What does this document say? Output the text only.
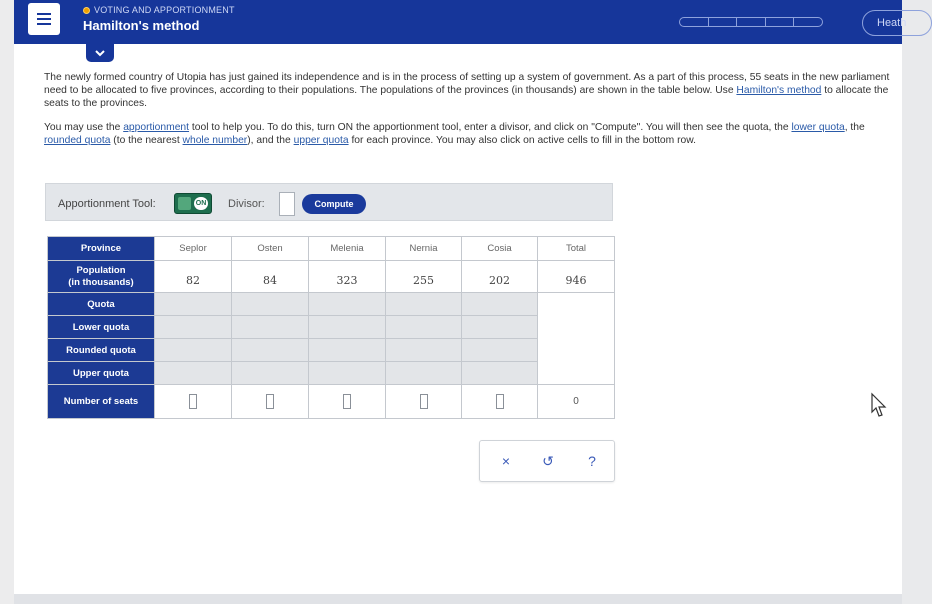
VOTING AND APPORTIONMENT
Hamilton's method	Heath
The newly formed country of Utopia has just gained its independence and is in the process of setting up a system of government. As a part of this process, 55 seats in the new parliament need to be allocated to five provinces, according to their populations. The populations of the provinces (in thousands) are shown in the table below. Use Hamilton's method to allocate the seats to the provinces.
You may use the apportionment tool to help you. To do this, turn ON the apportionment tool, enter a divisor, and click on "Compute". You will then see the quota, the lower quota, the rounded quota (to the nearest whole number), and the upper quota for each province. You may also click on active cells to fill in the bottom row.
Apportionment Tool:	ON Divisor:	Compute
Province	Seplor	Osten	Melenia	Nernia	Cosia	Total
Population
(in thousands)	82	84	323	255	202	946
Quota						
Lower quota						
Rounded quota						
Upper quota						
Number of seats						0
× ↺ ?
